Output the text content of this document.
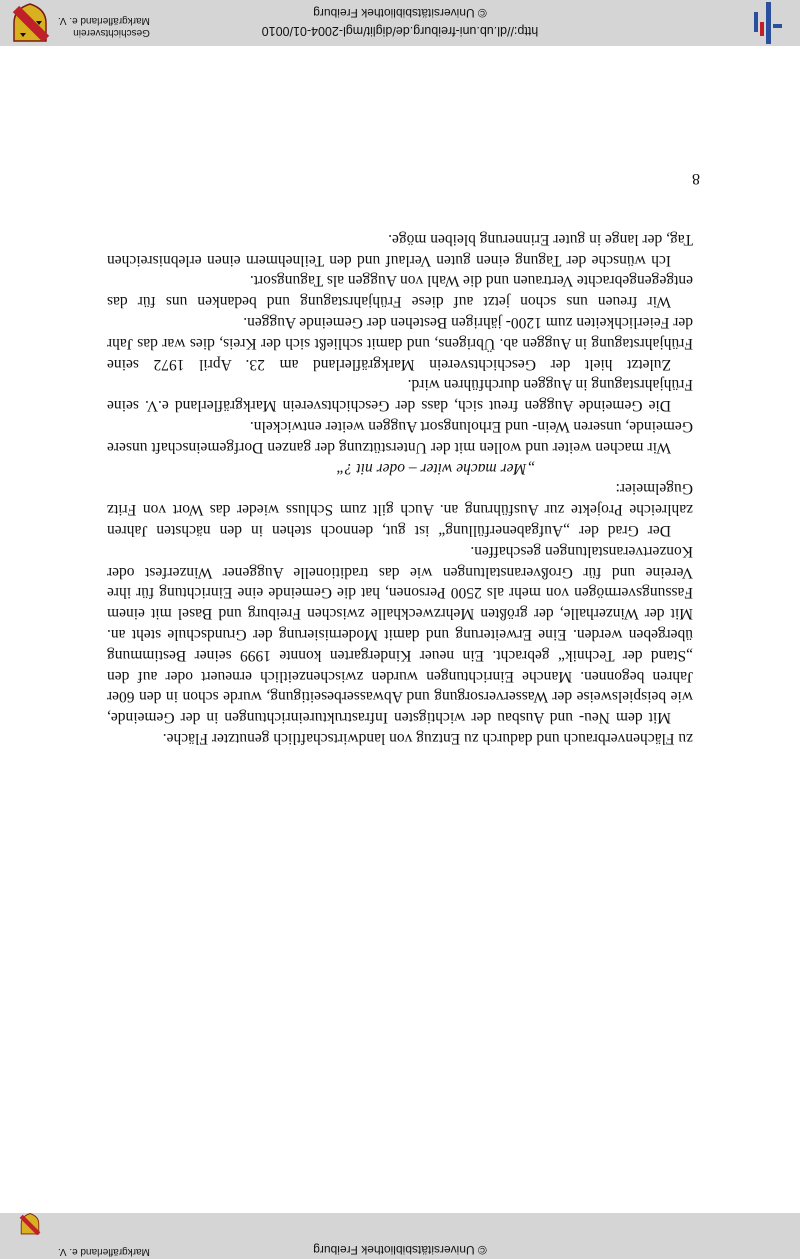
© Universitätsbibliothek Freiburg
Markgräflerland e. V.
http://dl.ub.uni-freiburg.de/diglit/mgl-2004-01/0010
© Universitätsbibliothek Freiburg
Geschichtsverein
Markgräflerland e. V.

zu Flächenverbrauch und dadurch zu Entzug von landwirtschaftlich genutzter Fläche.

Mit dem Neu- und Ausbau der wichtigsten Infrastruktureinrichtungen in der Gemeinde, wie beispielsweise der Wasserversorgung und Abwasserbeseitigung, wurde schon in den 60er Jahren begonnen. Manche Einrichtungen wurden zwischenzeitlich erneuert oder auf den „Stand der Technik“ gebracht. Ein neuer Kindergarten konnte 1999 seiner Bestimmung übergeben werden. Eine Erweiterung und damit Modernisierung der Grundschule steht an. Mit der Winzerhalle, der größten Mehrzweckhalle zwischen Freiburg und Basel mit einem Fassungsvermögen von mehr als 2500 Personen, hat die Gemeinde eine Einrichtung für ihre Vereine und für Großveranstaltungen wie das traditionelle Auggener Winzerfest oder Konzertveranstaltungen geschaffen.

Der Grad der „Aufgabenerfüllung“ ist gut, dennoch stehen in den nächsten Jahren zahlreiche Projekte zur Ausführung an. Auch gilt zum Schluss wieder das Wort von Fritz Gugelmeier:

„Mer mache witer – oder nit ?“

Wir machen weiter und wollen mit der Unterstützung der ganzen Dorfgemeinschaft unsere Gemeinde, unseren Wein- und Erholungsort Auggen weiter entwickeln.

Die Gemeinde Auggen freut sich, dass der Geschichtsverein Markgräflerland e.V. seine Frühjahrstagung in Auggen durchführen wird.

Zuletzt hielt der Geschichtsverein Markgräflerland am 23. April 1972 seine Frühjahrstagung in Auggen ab. Übrigens, und damit schließt sich der Kreis, dies war das Jahr der Feierlichkeiten zum 1200- jährigen Bestehen der Gemeinde Auggen.

Wir freuen uns schon jetzt auf diese Frühjahrstagung und bedanken uns für das entgegengebrachte Vertrauen und die Wahl von Auggen als Tagungsort.

Ich wünsche der Tagung einen guten Verlauf und den Teilnehmern einen erlebnisreichen Tag, der lange in guter Erinnerung bleiben möge.

8
